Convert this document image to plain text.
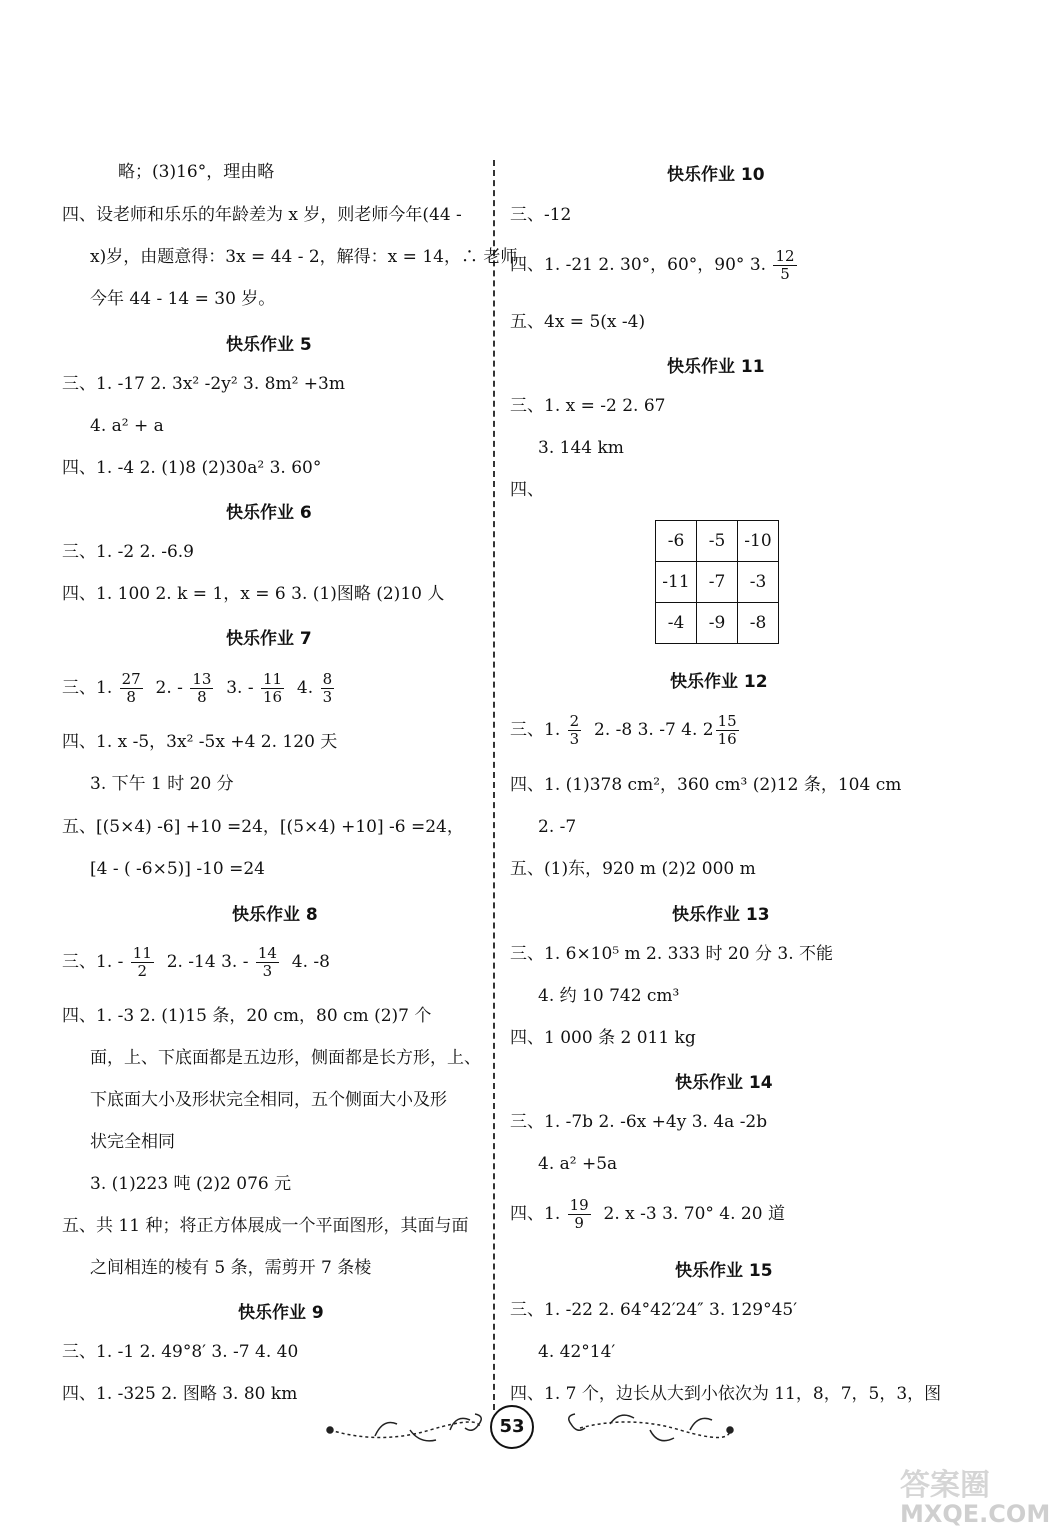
略；(3)16°，理由略
四、设老师和乐乐的年龄差为 x 岁，则老师今年(44 -
x)岁，由题意得：3x = 44 - 2，解得：x = 14，∴ 老师
今年 44 - 14 = 30 岁。
快乐作业 5
三、1. -17 2. 3x² -2y² 3. 8m² +3m
4. a² + a
四、1. -4 2. (1)8 (2)30a² 3. 60°
快乐作业 6
三、1. -2 2. -6.9
四、1. 100 2. k = 1，x = 6 3. (1)图略 (2)10 人
快乐作业 7
三、1. $\frac{27}{8} 2$. - $\frac{13}{8} 3$. - $\frac{11}{16} 4$. $\frac{8}{3}$
四、1. x -5，3x² -5x +4 2. 120 天
3. 下午 1 时 20 分
五、[(5×4) -6] +10 =24，[(5×4) +10] -6 =24，
[4 - ( -6×5)] -10 =24
快乐作业 8
三、1. - $\frac{11}{2} 2$. -14 3. - $\frac{14}{3} 4$. -8
四、1. -3 2. (1)15 条，20 cm，80 cm (2)7 个
面，上、下底面都是五边形，侧面都是长方形，上、
下底面大小及形状完全相同，五个侧面大小及形
状完全相同
3. (1)223 吨 (2)2 076 元
五、共 11 种；将正方体展成一个平面图形，其面与面
之间相连的棱有 5 条，需剪开 7 条棱
快乐作业 9
三、1. -1 2. 49°8′ 3. -7 4. 40
四、1. -325 2. 图略 3. 80 km
快乐作业 10
三、-12
四、1. -21 2. 30°，60°，90° 3. $\frac{12}{5}$
五、4x = 5(x -4)
快乐作业 11
三、1. x = -2 2. 67
3. 144 km
四、
-6	-5	-10
-11	-7	-3
-4	-9	-8
快乐作业 12
三、1. $\frac{2}{3} 2$. -8 3. -7 4. $2 \frac{15}{16}$
四、1. (1)378 cm²，360 cm³ (2)12 条，104 cm
2. -7
五、(1)东，920 m (2)2 000 m
快乐作业 13
三、1. 6×10⁵ m 2. 333 时 20 分 3. 不能
4. 约 10 742 cm³
四、1 000 条 2 011 kg
快乐作业 14
三、1. -7b 2. -6x +4y 3. 4a -2b
4. a² +5a
四、1. $\frac{19}{9} 2$. x -3 3. 70° 4. 20 道
快乐作业 15
三、1. -22 2. 64°42′24″ 3. 129°45′
4. 42°14′
四、1. 7 个，边长从大到小依次为 11，8，7，5，3，图
53
答案圈
MXQE.COM
